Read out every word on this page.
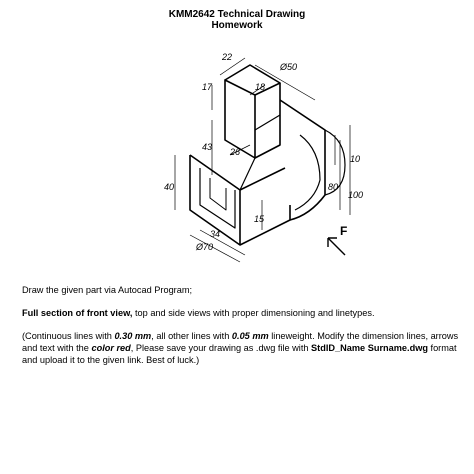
KMM2642 Technical Drawing
Homework
22
Ø50
17	18
43 26
10
80
100
40
15
34
Ø70
F
Draw the given part via Autocad Program;
Full section of front view, top and side views with proper dimensioning and linetypes.
(Continuous lines with 0.30 mm, all other lines with 0.05 mm lineweight. Modify the dimension lines, arrows and text with the color red, Please save your drawing as .dwg file with StdID_Name Surname.dwg format and upload it to the given link. Best of luck.)
